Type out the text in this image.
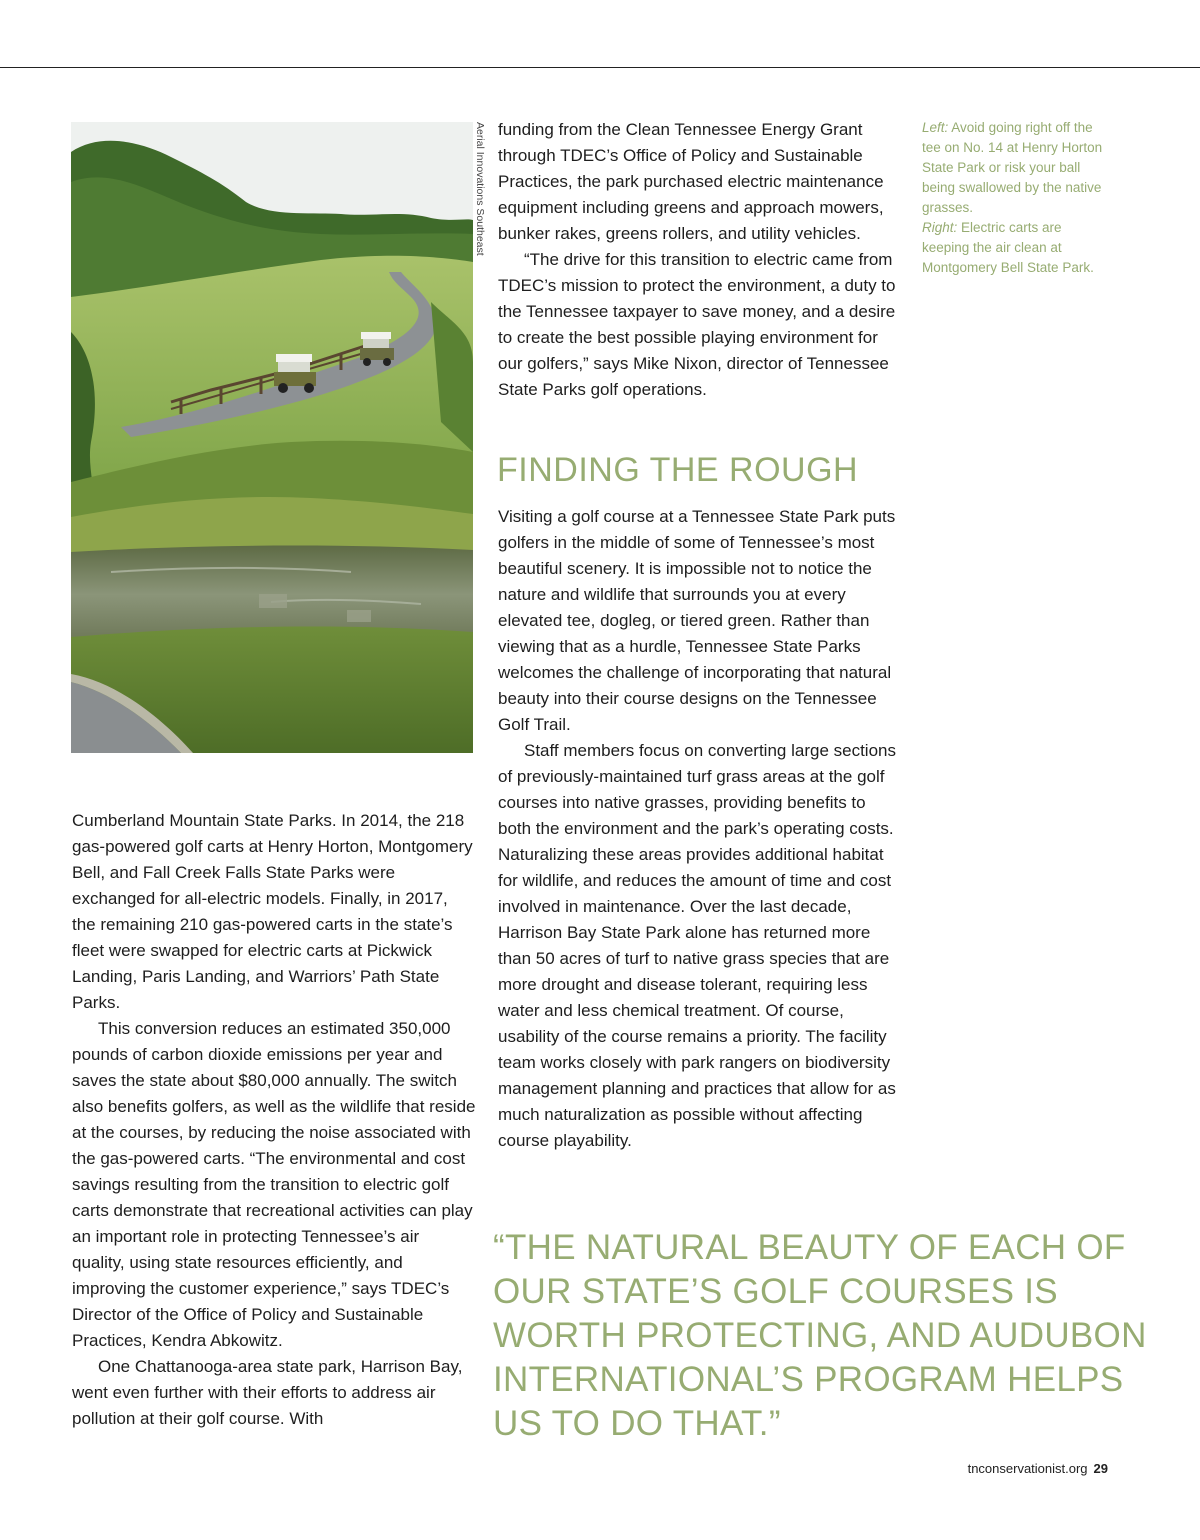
Aerial Innovations Southeast funding from the Clean Tennessee Energy Grant through TDEC’s Office of Policy and Sustainable Practices, the park purchased electric maintenance equipment including greens and approach mowers, bunker rakes, greens rollers, and utility vehicles.

“The drive for this transition to electric came from TDEC’s mission to protect the environment, a duty to the Tennessee taxpayer to save money, and a desire to create the best possible playing environment for our golfers,” says Mike Nixon, director of Tennessee State Parks golf operations.

FINDING THE ROUGH

Visiting a golf course at a Tennessee State Park puts golfers in the middle of some of Tennessee’s most beautiful scenery. It is impossible not to notice the nature and wildlife that surrounds you at every elevated tee, dogleg, or tiered green. Rather than viewing that as a hurdle, Tennessee State Parks welcomes the challenge of incorporating that natural beauty into their course designs on the Tennessee Golf Trail.

Staff members focus on converting large sections of previously-maintained turf grass areas at the golf courses into native grasses, providing benefits to both the environment and the park’s operating costs. Naturalizing these areas provides additional habitat for wildlife, and reduces the amount of time and cost involved in maintenance. Over the last decade, Harrison Bay State Park alone has returned more than 50 acres of turf to native grass species that are more drought and disease tolerant, requiring less water and less chemical treatment. Of course, usability of the course remains a priority. The facility team works closely with park rangers on biodiversity management planning and practices that allow for as much naturalization as possible without affecting course playability.

Cumberland Mountain State Parks. In 2014, the 218 gas-powered golf carts at Henry Horton, Montgomery Bell, and Fall Creek Falls State Parks were exchanged for all-electric models. Finally, in 2017, the remaining 210 gas-powered carts in the state’s fleet were swapped for electric carts at Pickwick Landing, Paris Landing, and Warriors’ Path State Parks.

This conversion reduces an estimated 350,000 pounds of carbon dioxide emissions per year and saves the state about $80,000 annually. The switch also benefits golfers, as well as the wildlife that reside at the courses, by reducing the noise associated with the gas-powered carts. “The environmental and cost savings resulting from the transition to electric golf carts demonstrate that recreational activities can play an important role in protecting Tennessee’s air quality, using state resources efficiently, and improving the customer experience,” says TDEC’s Director of the Office of Policy and Sustainable Practices, Kendra Abkowitz.

One Chattanooga-area state park, Harrison Bay, went even further with their efforts to address air pollution at their golf course. With

Left: Avoid going right off the tee on No. 14 at Henry Horton State Park or risk your ball being swallowed by the native grasses.

Right: Electric carts are keeping the air clean at Montgomery Bell State Park.

“THE NATURAL BEAUTY OF EACH OF OUR STATE’S GOLF COURSES IS WORTH PROTECTING, AND AUDUBON INTERNATIONAL’S PROGRAM HELPS US TO DO THAT.”

tnconservationist.org 29
